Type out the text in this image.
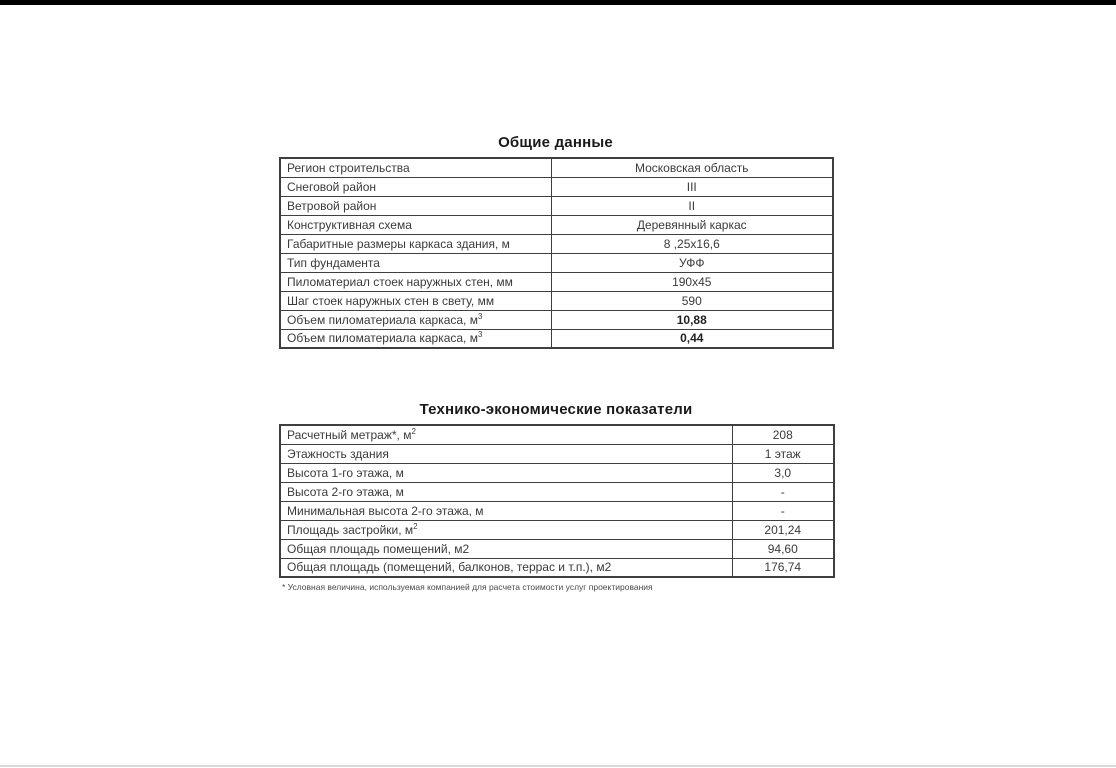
Общие данные
Регион строительства	Московская область
Снеговой район	III
Ветровой район	II
Конструктивная схема	Деревянный каркас
Габаритные размеры каркаса здания, м	8 ,25x16,6
Тип фундамента	УФФ
Пиломатериал стоек наружных стен, мм	190x45
Шаг стоек наружных стен в свету, мм	590
Объем пиломатериала каркаса, $м^3$	10,88
Объем пиломатериала каркаса, $м^3$	0,44
Технико-экономические показатели
Расчетный метраж*, $м^2$	208
Этажность здания	1 этаж
Высота 1-го этажа, м	3,0
Высота 2-го этажа, м	-
Минимальная высота 2-го этажа, м	-
Площадь застройки, $м^2$	201,24
Общая площадь помещений, м2	94,60
Общая площадь (помещений, балконов, террас и т.п.), м2	176,74
* Условная величина, используемая компанией для расчета стоимости услуг проектирования
